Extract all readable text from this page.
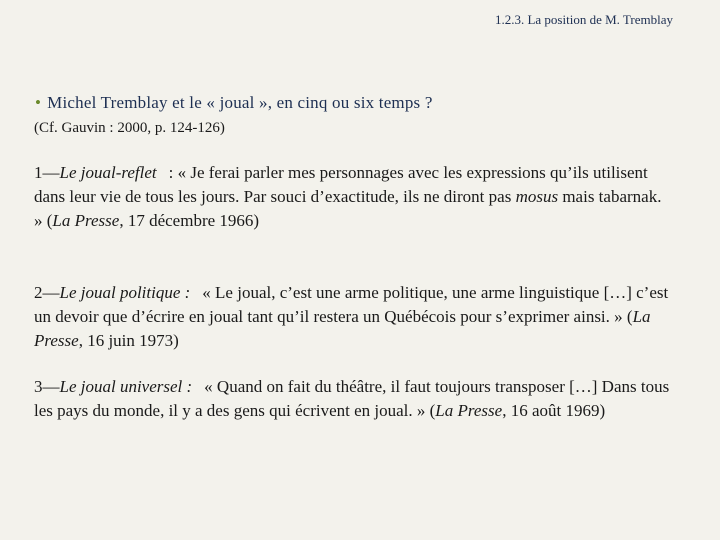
1.2.3. La position de M. Tremblay
• Michel Tremblay et le « joual », en cinq ou six temps ?
(Cf. Gauvin : 2000, p. 124-126)
1—Le joual-reflet : « Je ferai parler mes personnages avec les expressions qu’ils utilisent dans leur vie de tous les jours. Par souci d’exactitude, ils ne diront pas mosus mais tabarnak. » (La Presse, 17 décembre 1966)
2—Le joual politique : « Le joual, c’est une arme politique, une arme linguistique […] c’est un devoir que d’écrire en joual tant qu’il restera un Québécois pour s’exprimer ainsi. » (La Presse, 16 juin 1973)
3—Le joual universel : « Quand on fait du théâtre, il faut toujours transposer […] Dans tous les pays du monde, il y a des gens qui écrivent en joual. » (La Presse, 16 août 1969)
